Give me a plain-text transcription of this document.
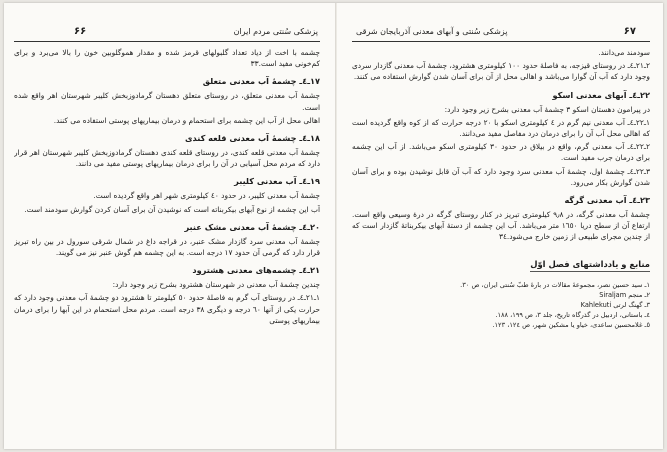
پزشکی سُنتی مردم ایران
۶۶

چشمه با اخت از دیاد تعداد گلبولهای قرمز شده و مقدار هموگلوبین خون را بالا می‌برد و برای کم‌خونی مفید است.٣٣

١٧ـ٤ـ چشمهٔ آب معدنی متعلق

چشمهٔ آب معدنی متعلق، در روستای متعلق دهستان گرمادوزبخش کلیبر شهرستان اهر واقع شده است.

اهالی محل از آب این چشمه برای استحمام و درمان بیماریهای پوستی استفاده می کنند.

١٨ـ٤ـ چشمهٔ آب معدنی قلعه کندی

چشمهٔ آب معدنی قلعه کندی، در روستای قلعه کندی دهستان گرمادوزبخش کلیبر شهرستان اهر قرار دارد که مردم محل آسیابی در آن را برای درمان بیماریهای پوستی مفید می دانند.

١٩ـ٤ـ آب معدنی کلیبر

چشمهٔ آب معدنی کلیبر، در حدود ٤٠ کیلومتری شهر اهر واقع گردیده است.

آب این چشمه از نوع آبهای بیکربناته است که نوشیدن آن برای آسان کردن گوارش سودمند است.

٢٠ـ٤ـ چشمهٔ آب معدنی مشک عنبر

چشمهٔ آب معدنی سرد گازدار مشک عنبر، در قراجه داغ در شمال شرقی سورول در بین راه تبریز قرار دارد که گرمی آن حدود ١٧ درجه است. به این چشمه هم گوش عنبر نیز می گویند.

٢١ـ٤ـ چشمه‌های معدنی هشترود

چندین چشمهٔ آب معدنی در شهرستان هشترود بشرح زیر وجود دارد:

١ـ٢١ـ٤ـ در روستای آب گرم به فاصلهٔ حدود ٥٠ کیلومتر تا هشترود دو چشمهٔ آب معدنی وجود دارد که حرارت یکی از آنها ٦٠ درجه و دیگری ٣٨ درجه است. مردم محل استحمام در این آبها را برای درمان بیماریهای پوستی

پزشکی سُنتی و آبهای معدنی آذربایجان شرقی	۶۷

سودمند می‌دانند.

٢ـ٢١ـ٤ـ در روستای قیزجه، به فاصلهٔ حدود ١٠٠ کیلومتری هشترود، چشمهٔ آب معدنی گازدار سردی وجود دارد که آب آن گوارا می‌باشد و اهالی محل از آن برای آسان شدن گوارش استفاده می کنند.

٢٢ـ٤ـ آبهای معدنی اسکو

در پیرامون دهستان اسکو ٣ چشمهٔ آب معدنی بشرح زیر وجود دارد:

١ـ٢٢ـ٤ـ آب معدنی نیم گرم در ٤ کیلومتری اسکو با ٢٠ درجه حرارت که از کوه واقع گردیده است که اهالی محل آب آن را برای درمان درد مفاصل مفید می‌دانند.

٢ـ٢٢ـ٤ـ آب معدنی گرم، واقع در بیلاق در حدود ٣٠ کیلومتری اسکو می‌باشد. از آب این چشمه برای درمان جرب مفید است.

٣ـ٢٢ـ٤ـ چشمهٔ اول، چشمهٔ آب معدنی سرد وجود دارد که آب آن قابل نوشیدن بوده و برای آسان شدن گوارش بکار می‌رود.

٢٣ـ٤ـ آب معدنی گرگه

چشمهٔ آب معدنی گرگه، در ٩٫٨ کیلومتری تبریز در کنار روستای گرگه در درهٔ وسیعی واقع است. ارتفاع آن از سطح دریا ١٦٥٠ متر می‌باشد. آب این چشمه از دستهٔ آبهای بیکربناتهٔ گازدار است که از چندین مجرای طبیعی از زمین خارج می‌شود.٣٤

منابع و یادداشتهای فصل اوّل
١ـ سید حسین نصر، مجموعهٔ مقالات در بارهٔ طبّ سُنتی ایران، ص ٣٠.
٢ـ منجم Siraljam
٣ـ گهنگ لرتی Kahlekuti
٤ـ باستانی، اردبیل در گذرگاه تاریخ، جلد ٣، ص ١٩٩، ١٨٨.
٥ـ غلامحسین ساعدی، خیاو یا مشکین شهر، ص ١٢٤، ١٢٣.
